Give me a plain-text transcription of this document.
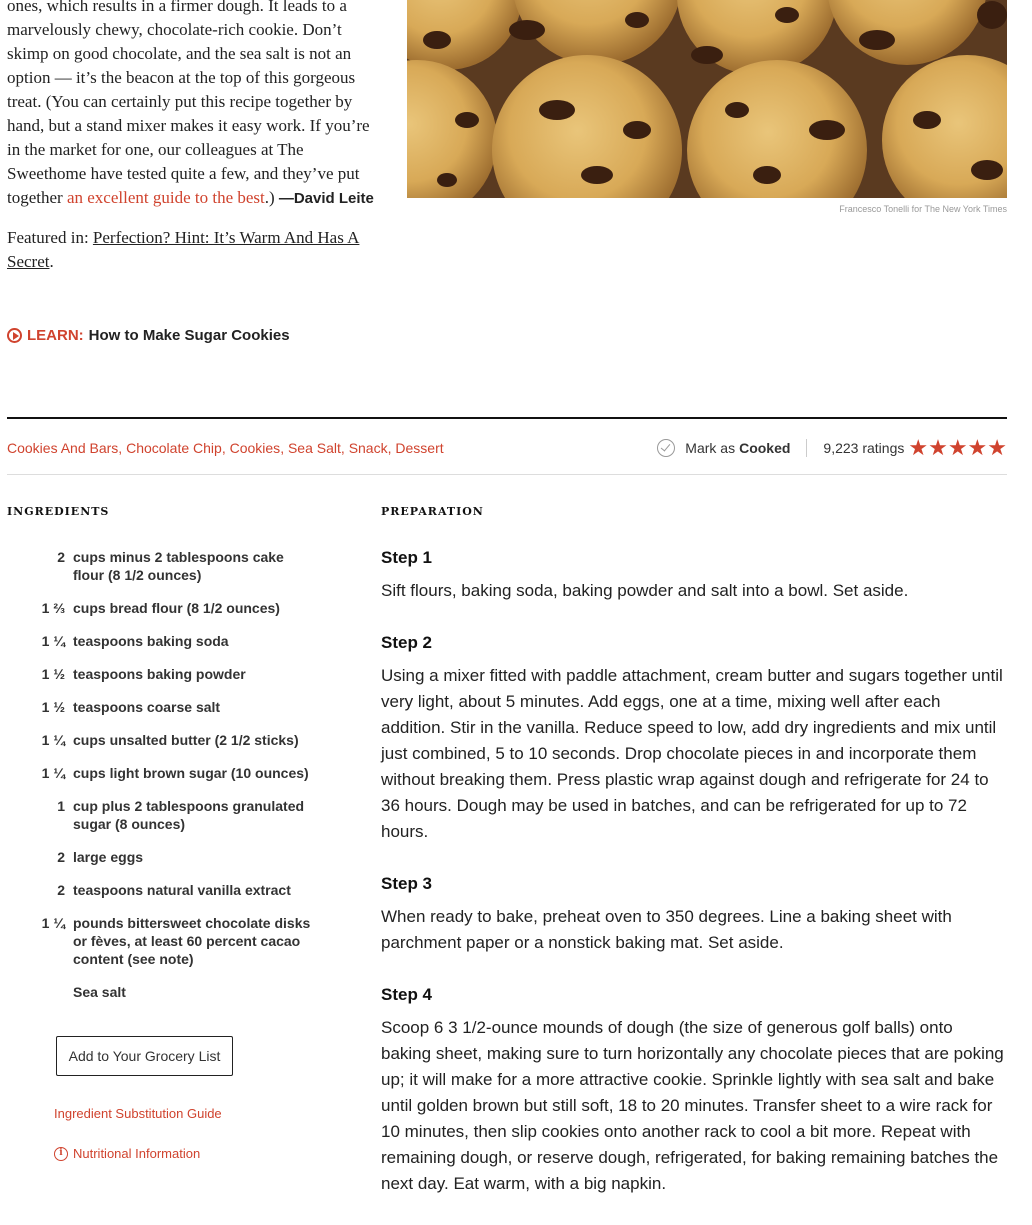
ones, which results in a firmer dough. It leads to a marvelously chewy, chocolate-rich cookie. Don’t skimp on good chocolate, and the sea salt is not an option — it’s the beacon at the top of this gorgeous treat. (You can certainly put this recipe together by hand, but a stand mixer makes it easy work. If you’re in the market for one, our colleagues at The Sweethome have tested quite a few, and they’ve put together an excellent guide to the best.) —David Leite

Featured in: Perfection? Hint: It’s Warm And Has A Secret.

LEARN: How to Make Sugar Cookies
Francesco Tonelli for The New York Times
Cookies And Bars, Chocolate Chip, Cookies, Sea Salt, Snack, Dessert	Mark as Cooked 9,223 ratings ★★★★★
INGREDIENTS
2 cups minus 2 tablespoons cake flour (8 1/2 ounces)
1 ⅔ cups bread flour (8 1/2 ounces)
1 ¼ teaspoons baking soda
1 ½ teaspoons baking powder
1 ½ teaspoons coarse salt
1 ¼ cups unsalted butter (2 1/2 sticks)
1 ¼ cups light brown sugar (10 ounces)
1 cup plus 2 tablespoons granulated sugar (8 ounces)
2 large eggs
2 teaspoons natural vanilla extract
1 ¼ pounds bittersweet chocolate disks or fèves, at least 60 percent cacao content (see note)
Sea salt
Add to Your Grocery List
Ingredient Substitution Guide
i Nutritional Information
PREPARATION
Step 1

Sift flours, baking soda, baking powder and salt into a bowl. Set aside.

Step 2

Using a mixer fitted with paddle attachment, cream butter and sugars together until very light, about 5 minutes. Add eggs, one at a time, mixing well after each addition. Stir in the vanilla. Reduce speed to low, add dry ingredients and mix until just combined, 5 to 10 seconds. Drop chocolate pieces in and incorporate them without breaking them. Press plastic wrap against dough and refrigerate for 24 to 36 hours. Dough may be used in batches, and can be refrigerated for up to 72 hours.

Step 3

When ready to bake, preheat oven to 350 degrees. Line a baking sheet with parchment paper or a nonstick baking mat. Set aside.

Step 4

Scoop 6 3 1/2-ounce mounds of dough (the size of generous golf balls) onto baking sheet, making sure to turn horizontally any chocolate pieces that are poking up; it will make for a more attractive cookie. Sprinkle lightly with sea salt and bake until golden brown but still soft, 18 to 20 minutes. Transfer sheet to a wire rack for 10 minutes, then slip cookies onto another rack to cool a bit more. Repeat with remaining dough, or reserve dough, refrigerated, for baking remaining batches the next day. Eat warm, with a big napkin.
